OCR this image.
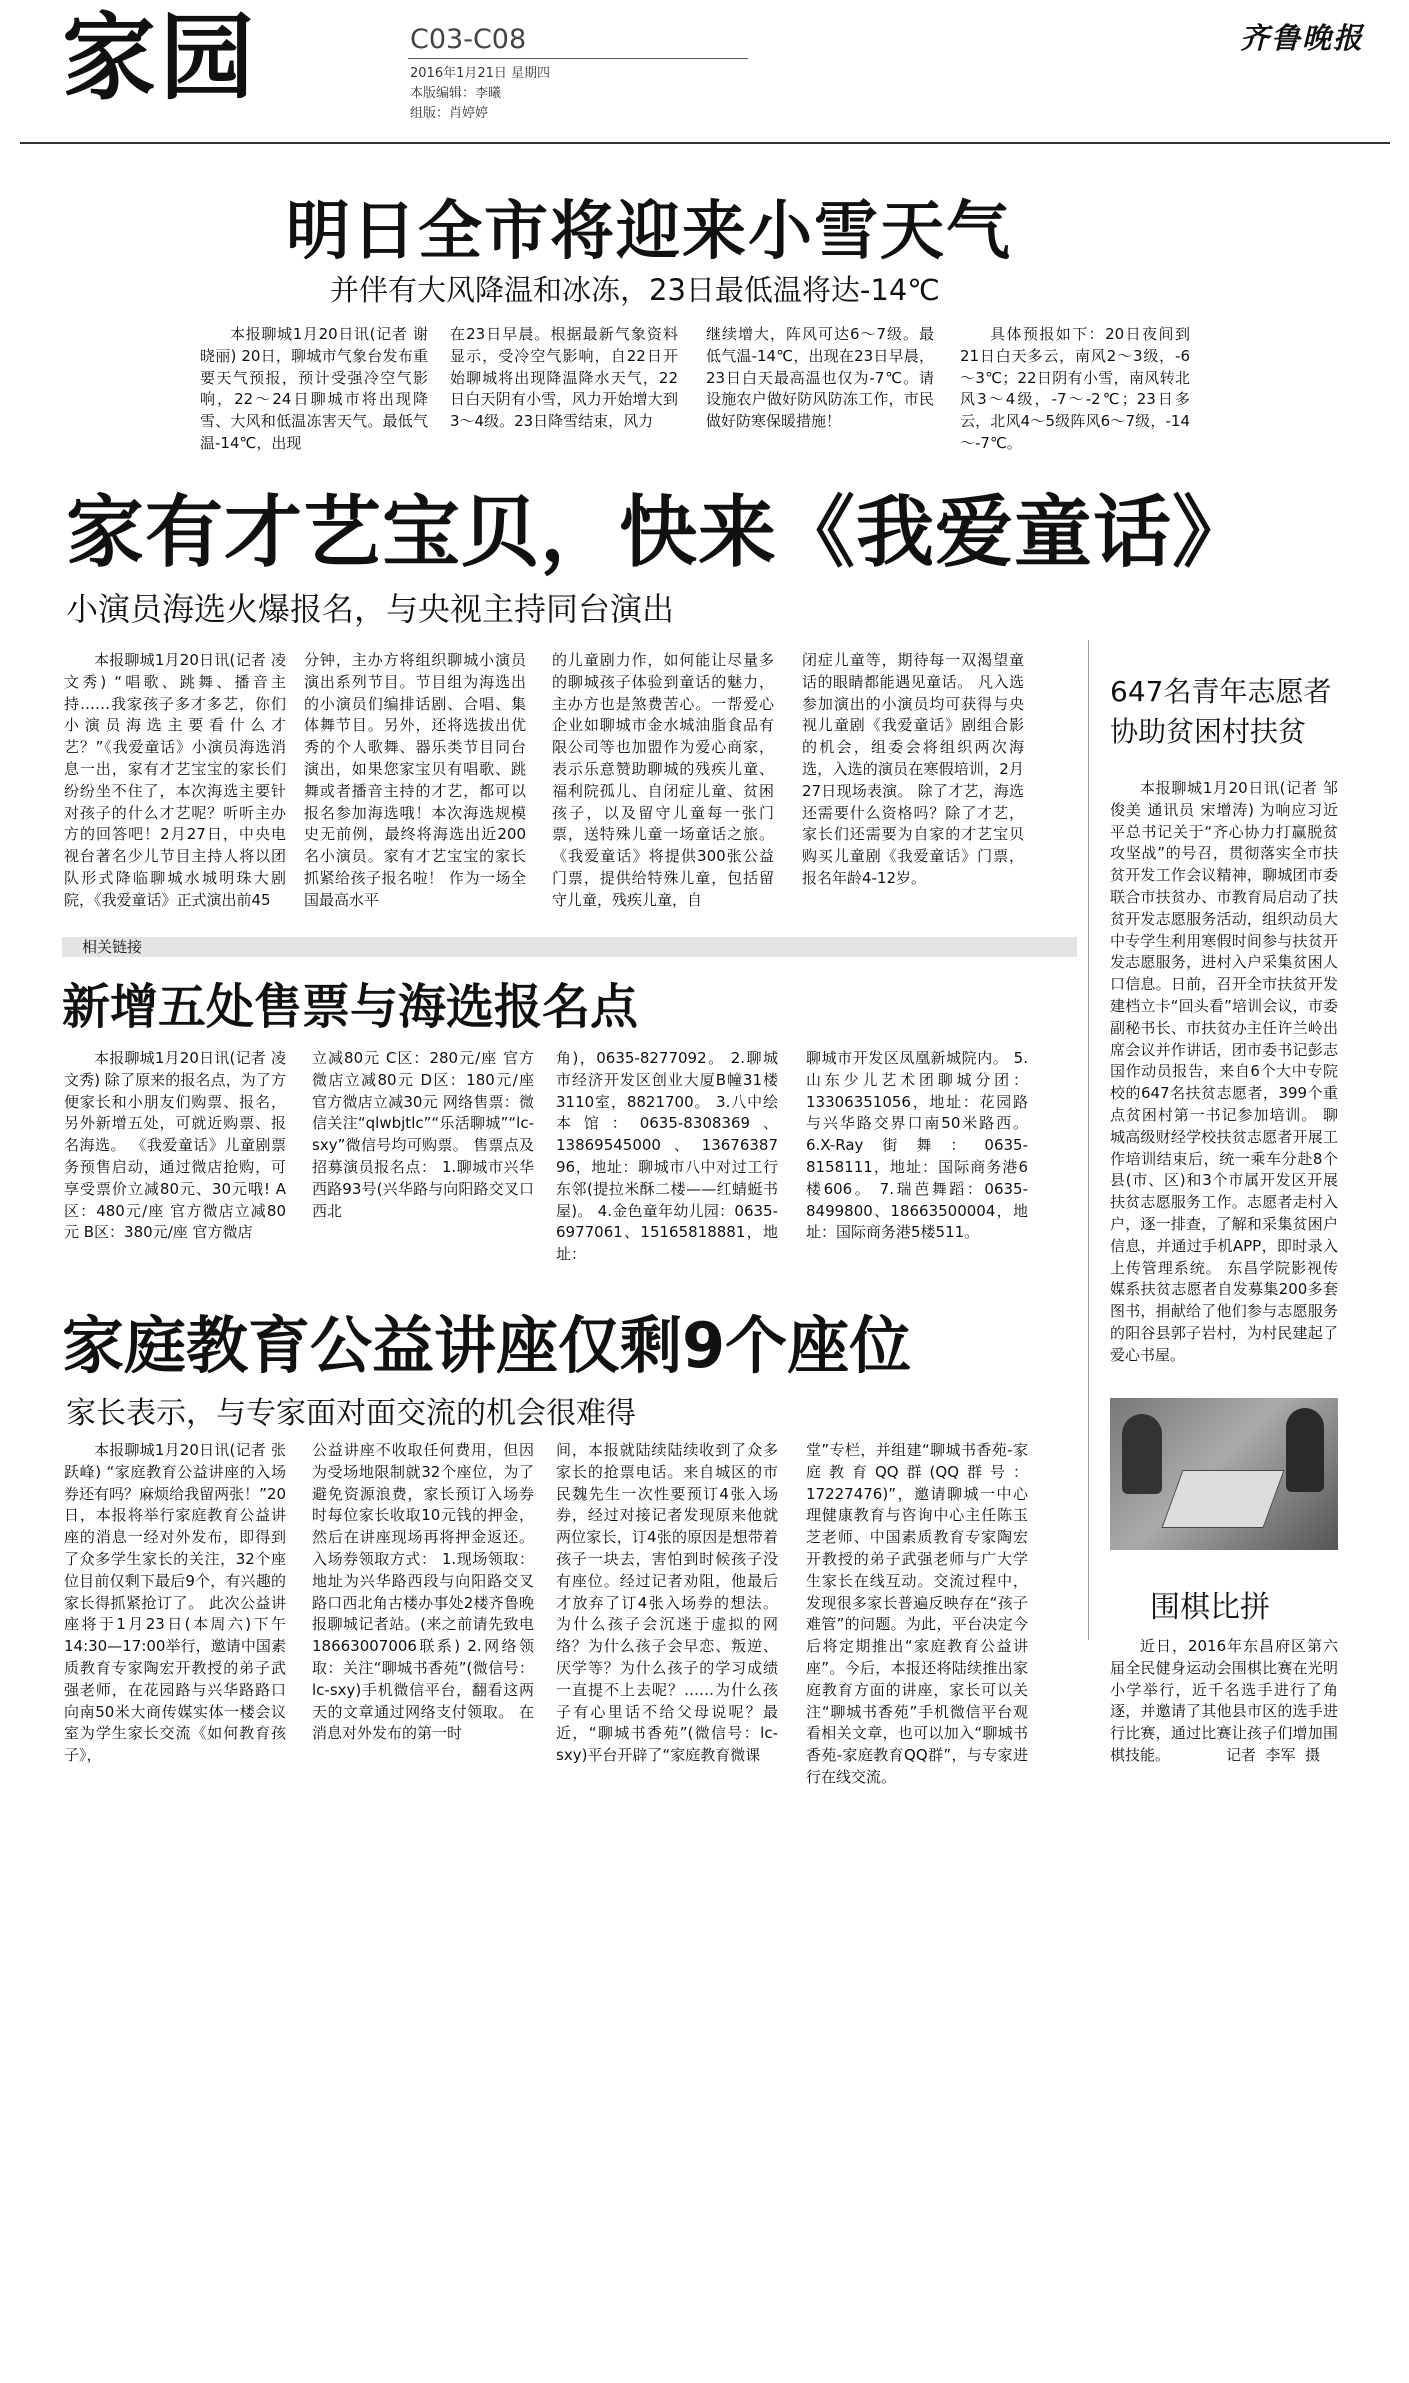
家园	C03-C08
2016年1月21日 星期四
本版编辑：李曦
组版：肖婷婷
齐鲁晚报
明日全市将迎来小雪天气
并伴有大风降温和冰冻，23日最低温将达-14℃

本报聊城1月20日讯(记者 谢晓丽) 20日，聊城市气象台发布重要天气预报，预计受强冷空气影响，22～24日聊城市将出现降雪、大风和低温冻害天气。最低气温-14℃，出现

在23日早晨。根据最新气象资料显示，受冷空气影响，自22日开始聊城将出现降温降水天气，22日白天阴有小雪，风力开始增大到3～4级。23日降雪结束，风力

继续增大，阵风可达6～7级。最低气温-14℃，出现在23日早晨，23日白天最高温也仅为-7℃。请设施农户做好防风防冻工作，市民做好防寒保暖措施！

具体预报如下：20日夜间到21日白天多云，南风2～3级，-6～3℃；22日阴有小雪，南风转北风3～4级，-7～-2℃；23日多云，北风4～5级阵风6～7级，-14～-7℃。

家有才艺宝贝，快来《我爱童话》
小演员海选火爆报名，与央视主持同台演出

本报聊城1月20日讯(记者 凌文秀) “唱歌、跳舞、播音主持……我家孩子多才多艺，你们小演员海选主要看什么才艺？”《我爱童话》小演员海选消息一出，家有才艺宝宝的家长们纷纷坐不住了，本次海选主要针对孩子的什么才艺呢？听听主办方的回答吧！2月27日，中央电视台著名少儿节目主持人将以团队形式降临聊城水城明珠大剧院，《我爱童话》正式演出前45

分钟，主办方将组织聊城小演员演出系列节目。节目组为海选出的小演员们编排话剧、合唱、集体舞节目。另外，还将选拔出优秀的个人歌舞、器乐类节目同台演出，如果您家宝贝有唱歌、跳舞或者播音主持的才艺，都可以报名参加海选哦！本次海选规模史无前例，最终将海选出近200名小演员。家有才艺宝宝的家长抓紧给孩子报名啦！ 作为一场全国最高水平

的儿童剧力作，如何能让尽量多的聊城孩子体验到童话的魅力，主办方也是煞费苦心。一帮爱心企业如聊城市金水城油脂食品有限公司等也加盟作为爱心商家，表示乐意赞助聊城的残疾儿童、福利院孤儿、自闭症儿童、贫困孩子，以及留守儿童每一张门票，送特殊儿童一场童话之旅。 《我爱童话》将提供300张公益门票，提供给特殊儿童，包括留守儿童，残疾儿童，自

闭症儿童等，期待每一双渴望童话的眼睛都能遇见童话。 凡入选参加演出的小演员均可获得与央视儿童剧《我爱童话》剧组合影的机会，组委会将组织两次海选，入选的演员在寒假培训，2月27日现场表演。 除了才艺，海选还需要什么资格吗？除了才艺，家长们还需要为自家的才艺宝贝购买儿童剧《我爱童话》门票，报名年龄4-12岁。

647名青年志愿者
协助贫困村扶贫

本报聊城1月20日讯(记者 邹俊美 通讯员 宋增涛) 为响应习近平总书记关于“齐心协力打赢脱贫攻坚战”的号召，贯彻落实全市扶贫开发工作会议精神，聊城团市委联合市扶贫办、市教育局启动了扶贫开发志愿服务活动，组织动员大中专学生利用寒假时间参与扶贫开发志愿服务，进村入户采集贫困人口信息。日前，召开全市扶贫开发建档立卡“回头看”培训会议，市委副秘书长、市扶贫办主任许兰岭出席会议并作讲话，团市委书记彭志国作动员报告，来自6个大中专院校的647名扶贫志愿者，399个重点贫困村第一书记参加培训。 聊城高级财经学校扶贫志愿者开展工作培训结束后，统一乘车分赴8个县(市、区)和3个市属开发区开展扶贫志愿服务工作。志愿者走村入户，逐一排查，了解和采集贫困户信息，并通过手机APP，即时录入上传管理系统。 东昌学院影视传媒系扶贫志愿者自发募集200多套图书，捐献给了他们参与志愿服务的阳谷县郭子岩村，为村民建起了爱心书屋。

围棋比拼

近日，2016年东昌府区第六届全民健身运动会围棋比赛在光明小学举行，近千名选手进行了角逐，并邀请了其他县市区的选手进行比赛，通过比赛让孩子们增加围棋技能。	记者  李军  摄
相关链接
新增五处售票与海选报名点

本报聊城1月20日讯(记者 凌文秀) 除了原来的报名点，为了方便家长和小朋友们购票、报名，另外新增五处，可就近购票、报名海选。 《我爱童话》儿童剧票务预售启动，通过微店抢购，可享受票价立减80元、30元哦! A区：480元/座 官方微店立减80元 B区：380元/座 官方微店

立减80元 C区：280元/座 官方微店立减80元 D区：180元/座 官方微店立减30元 网络售票：微信关注“qlwbjtlc”“乐活聊城”“lc-sxy”微信号均可购票。 售票点及招募演员报名点： 1.聊城市兴华西路93号(兴华路与向阳路交叉口西北

角)，0635-8277092。 2.聊城市经济开发区创业大厦B幢31楼3110室，8821700。 3.八中绘本馆：0635-8308369、13869545000、13676387​96，地址：聊城市八中对过工行东邻(提拉米酥二楼——红蜻蜓书屋)。 4.金色童年幼儿园：0635-6977061、15165818881，地址：

聊城市开发区凤凰新城院内。 5.山东少儿艺术团聊城分团：13306351056，地址：花园路与兴华路交界口南50米路西。 6.X-Ray街舞：0635-8158111，地址：国际商务港6楼606。 7.瑞芭舞蹈：0635-8499800、18663500004，地址：国际商务港5楼511。

家庭教育公益讲座仅剩9个座位
家长表示，与专家面对面交流的机会很难得

本报聊城1月20日讯(记者 张跃峰) “家庭教育公益讲座的入场券还有吗？麻烦给我留两张！”20日，本报将举行家庭教育公益讲座的消息一经对外发布，即得到了众多学生家长的关注，32个座位目前仅剩下最后9个，有兴趣的家长得抓紧抢订了。 此次公益讲座将于1月23日(本周六)下午14:30—17:00举行，邀请中国素质教育专家陶宏开教授的弟子武强老师，在花园路与兴华路路口向南50米大商传媒实体一楼会议室为学生家长交流《如何教育孩子》，

公益讲座不收取任何费用，但因为受场地限制就32个座位，为了避免资源浪费，家长预订入场券时每位家长收取10元钱的押金，然后在讲座现场再将押金返还。入场券领取方式： 1.现场领取：地址为兴华路西段与向阳路交叉路口西北角古楼办事处2楼齐鲁晚报聊城记者站。(来之前请先致电18663007006联系) 2.网络领取：关注“聊城书香苑”(微信号：lc-sxy)手机微信平台，翻看这两天的文章通过网络支付领取。 在消息对外发布的第一时

间，本报就陆续陆续收到了众多家长的抢票电话。来自城区的市民魏先生一次性要预订4张入场券，经过对接记者发现原来他就两位家长，订4张的原因是想带着孩子一块去，害怕到时候孩子没有座位。经过记者劝阻，他最后才放弃了订4张入场券的想法。 为什么孩子会沉迷于虚拟的网络？为什么孩子会早恋、叛逆、厌学等？为什么孩子的学习成绩一直提不上去呢？……为什么孩子有心里话不给父母说呢？最近，“聊城书香苑”(微信号：lc-sxy)平台开辟了“家庭教育微课

堂”专栏，并组建“聊城书香苑-家庭教育QQ群(QQ群号：17227476)”，邀请聊城一中心理健康教育与咨询中心主任陈玉芝老师、中国素质教育专家陶宏开教授的弟子武强老师与广大学生家长在线互动。交流过程中，发现很多家长普遍反映存在“孩子难管”的问题。为此，平台决定今后将定期推出“家庭教育公益讲座”。今后，本报还将陆续推出家庭教育方面的讲座，家长可以关注“聊城书香苑”手机微信平台观看相关文章，也可以加入“聊城书香苑-家庭教育QQ群”，与专家进行在线交流。
